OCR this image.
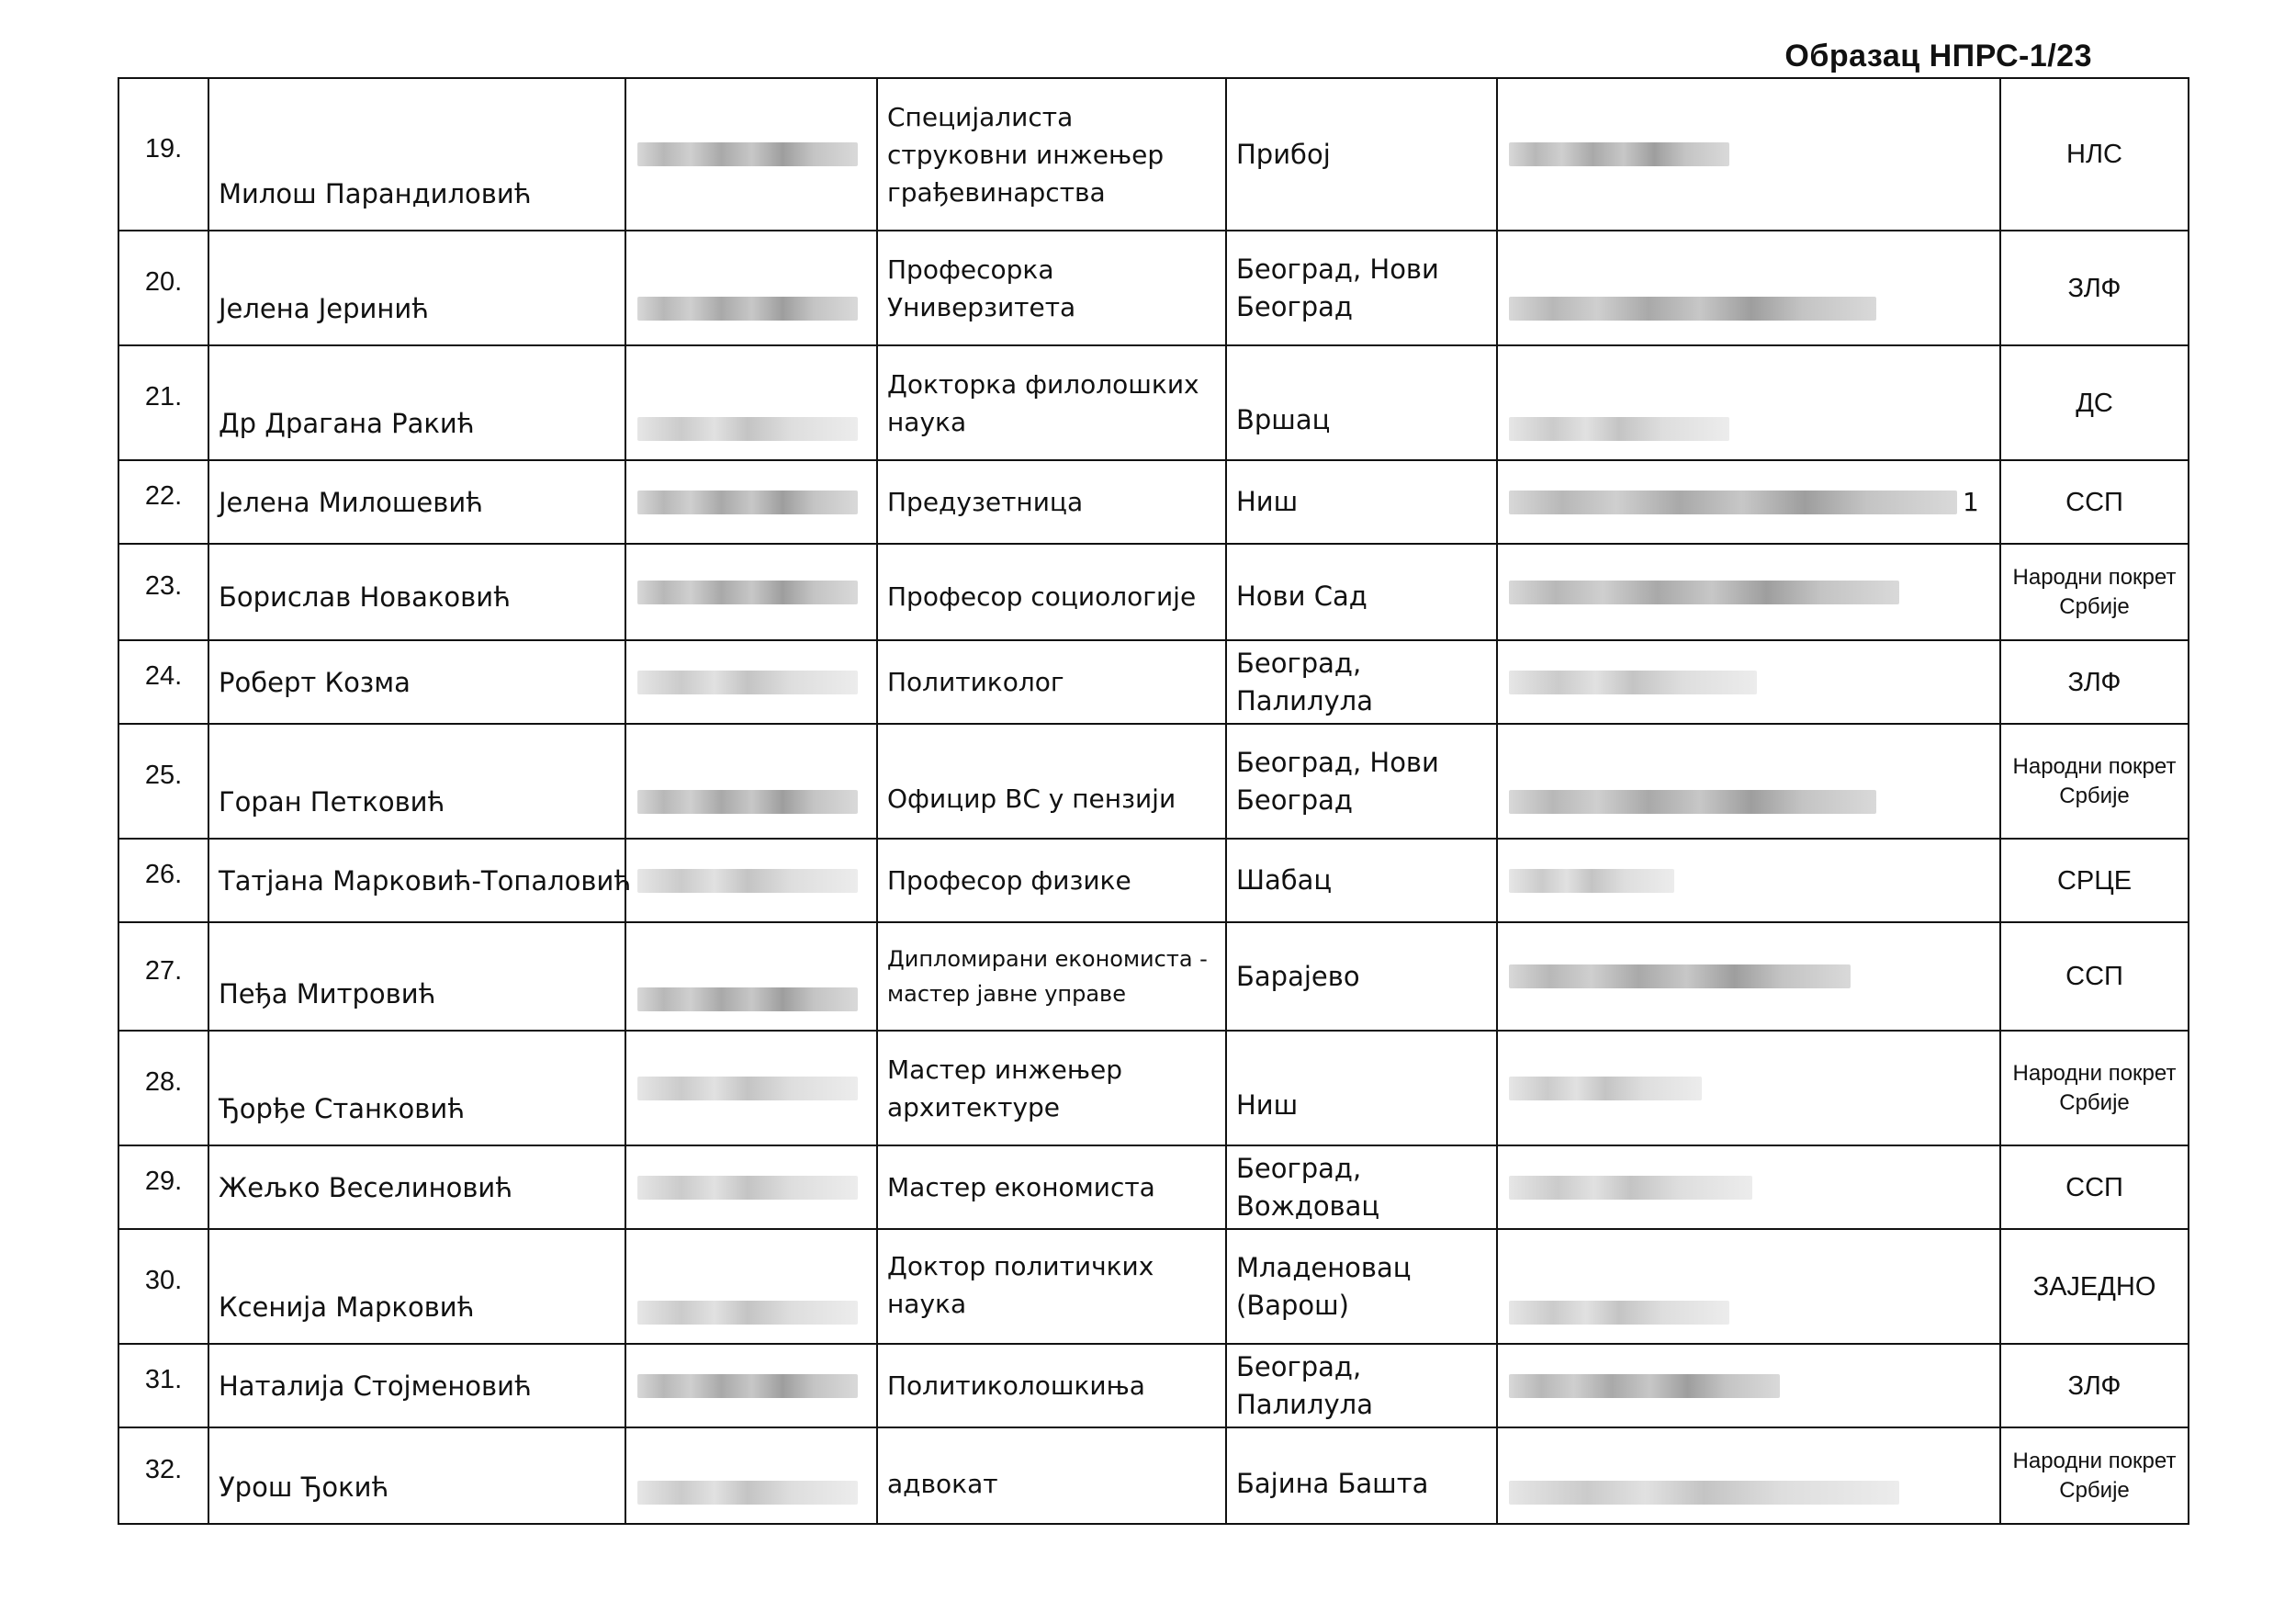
Образац НПРС-1/23
19.	Милош Парандиловић		Специјалиста струковни инжењер грађевинарства	Прибој		НЛС
20.	Јелена Јеринић		Професорка Универзитета	Београд, Нови Београд		ЗЛФ
21.	Др Драгана Ракић		Докторка филолошких наука	Вршац		ДС
22.	Јелена Милошевић		Предузетница	Ниш	1	ССП
23.	Борислав Новаковић		Професор социологије	Нови Сад		Народни покрет Србије
24.	Роберт Козма		Политиколог	Београд, Палилула		ЗЛФ
25.	Горан Петковић		Официр ВС у пензији	Београд, Нови Београд		Народни покрет Србије
26.	Татјана Марковић-Топаловић		Професор физике	Шабац		СРЦЕ
27.	Пеђа Митровић		Дипломирани економиста - мастер јавне управе	Барајево		ССП
28.	Ђорђе Станковић		Мастер инжењер архитектуре	Ниш		Народни покрет Србије
29.	Жељко Веселиновић		Мастер економиста	Београд, Вождовац		ССП
30.	Ксенија Марковић		Доктор политичких наука	Младеновац (Варош)		ЗАЈЕДНО
31.	Наталија Стојменовић		Политиколошкиња	Београд, Палилула		ЗЛФ
32.	Урош Ђокић		адвокат	Бајина Башта		Народни покрет Србије
